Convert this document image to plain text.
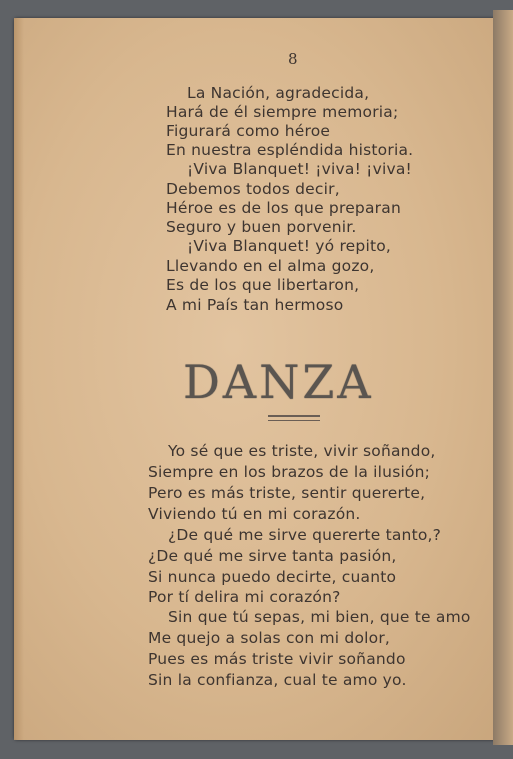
8
La Nación, agradecida,
Hará de él siempre memoria;
Figurará como héroe
En nuestra espléndida historia.
¡Viva Blanquet! ¡viva! ¡viva!
Debemos todos decir,
Héroe es de los que preparan
Seguro y buen porvenir.
¡Viva Blanquet! yó repito,
Llevando en el alma gozo,
Es de los que libertaron,
A mi País tan hermoso
DANZA
Yo sé que es triste, vivir soñando,
Siempre en los brazos de la ilusión;
Pero es más triste, sentir quererte,
Viviendo tú en mi corazón.
¿De qué me sirve quererte tanto,?
¿De qué me sirve tanta pasión,
Si nunca puedo decirte, cuanto
Por tí delira mi corazón?
Sin que tú sepas, mi bien, que te amo
Me quejo a solas con mi dolor,
Pues es más triste vivir soñando
Sin la confianza, cual te amo yo.
